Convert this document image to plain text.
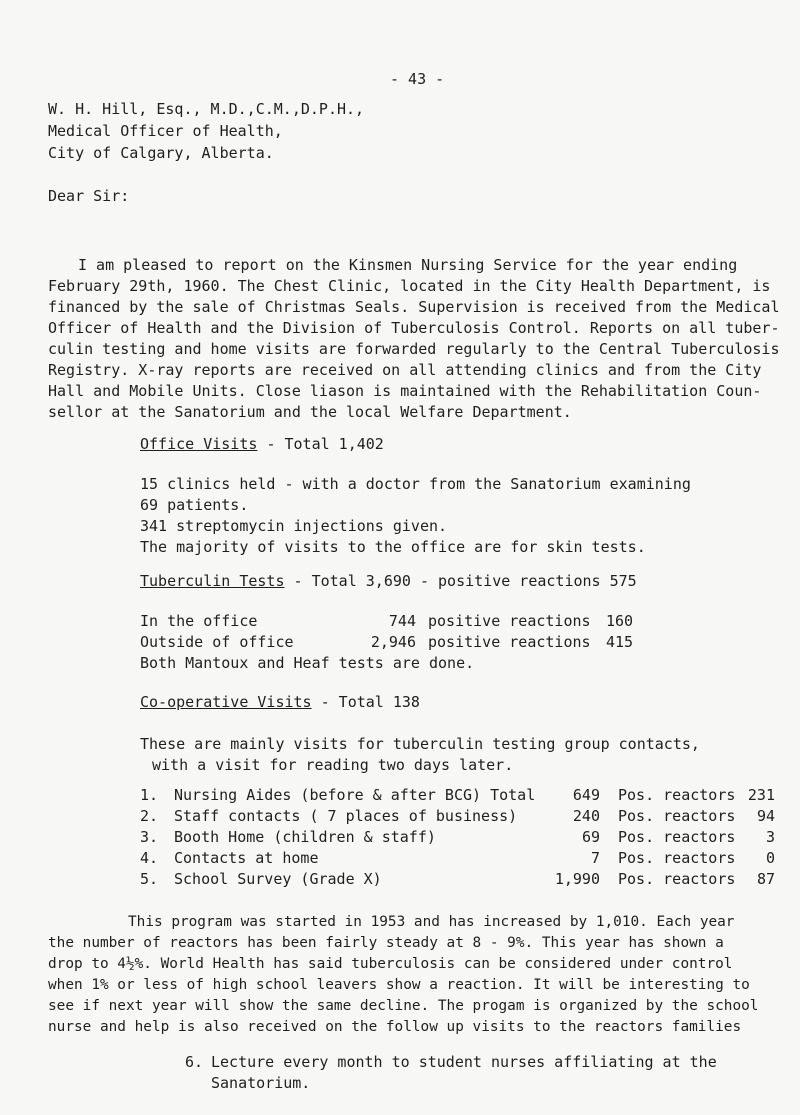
- 43 -
W. H. Hill, Esq., M.D.,C.M.,D.P.H.,
Medical Officer of Health,
City of Calgary, Alberta.
Dear Sir:
I am pleased to report on the Kinsmen Nursing Service for the year ending
February 29th, 1960. The Chest Clinic, located in the City Health Department, is
financed by the sale of Christmas Seals. Supervision is received from the Medical
Officer of Health and the Division of Tuberculosis Control. Reports on all tuber-
culin testing and home visits are forwarded regularly to the Central Tuberculosis
Registry. X-ray reports are received on all attending clinics and from the City
Hall and Mobile Units. Close liason is maintained with the Rehabilitation Coun-
sellor at the Sanatorium and the local Welfare Department.
Office Visits - Total 1,402
15 clinics held - with a doctor from the Sanatorium examining
69 patients.
341 streptomycin injections given.
The majority of visits to the office are for skin tests.
Tuberculin Tests - Total 3,690 - positive reactions 575
In the office	744 positive reactions 160
Outside of office	2,946 positive reactions 415
Both Mantoux and Heaf tests are done.
Co-operative Visits - Total 138
These are mainly visits for tuberculin testing group contacts,
with a visit for reading two days later.
1. Nursing Aides (before & after BCG) Total	649 Pos. reactors 231
2. Staff contacts ( 7 places of business)	240 Pos. reactors	94
3. Booth Home (children & staff)	69 Pos. reactors	3
4. Contacts at home	7 Pos. reactors	0
5. School Survey (Grade X)	1,990 Pos. reactors	87
This program was started in 1953 and has increased by 1,010. Each year
the number of reactors has been fairly steady at 8 - 9%. This year has shown a
drop to 4½%. World Health has said tuberculosis can be considered under control
when 1% or less of high school leavers show a reaction. It will be interesting to
see if next year will show the same decline. The progam is organized by the school
nurse and help is also received on the follow up visits to the reactors families
6. Lecture every month to student nurses affiliating at the
Sanatorium.
